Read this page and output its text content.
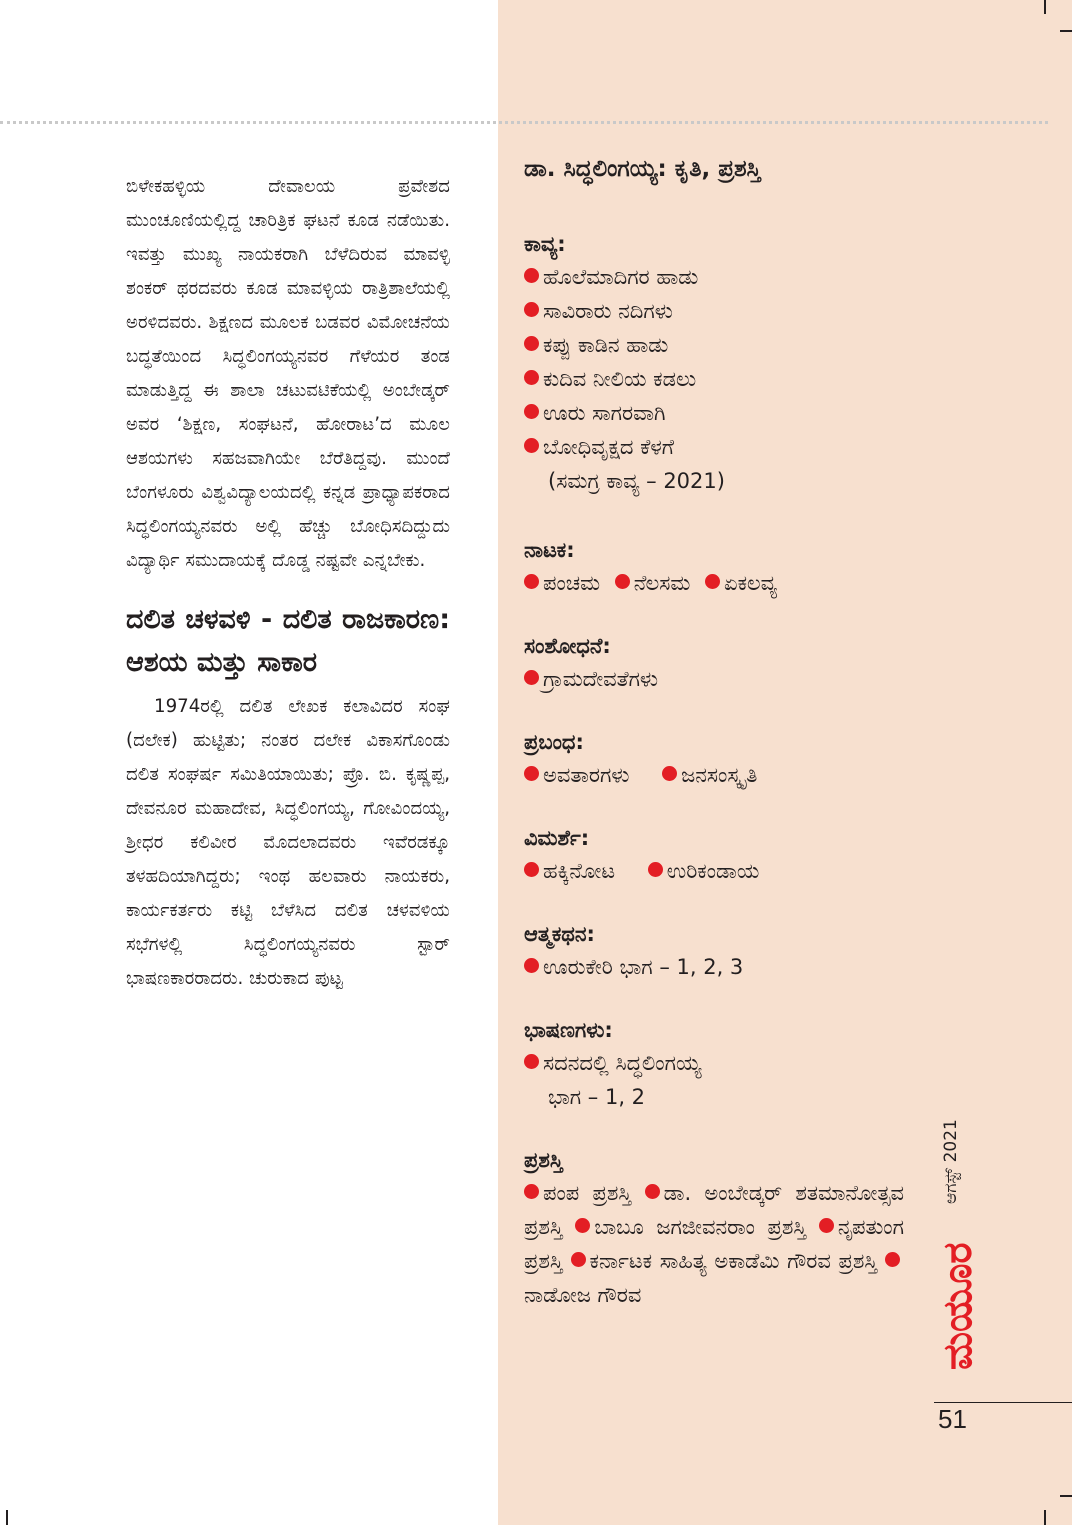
ಬಿಳೇಕಹಳ್ಳಿಯ ದೇವಾಲಯ ಪ್ರವೇಶದ ಮುಂಚೂಣಿಯಲ್ಲಿದ್ದ ಚಾರಿತ್ರಿಕ ಘಟನೆ ಕೂಡ ನಡೆಯಿತು. ಇವತ್ತು ಮುಖ್ಯ ನಾಯಕರಾಗಿ ಬೆಳೆದಿರುವ ಮಾವಳ್ಳಿ ಶಂಕರ್ ಥರದವರು ಕೂಡ ಮಾವಳ್ಳಿಯ ರಾತ್ರಿಶಾಲೆಯಲ್ಲಿ ಅರಳಿದವರು. ಶಿಕ್ಷಣದ ಮೂಲಕ ಬಡವರ ವಿಮೋಚನೆಯ ಬದ್ಧತೆಯಿಂದ ಸಿದ್ಧಲಿಂಗಯ್ಯನವರ ಗೆಳೆಯರ ತಂಡ ಮಾಡುತ್ತಿದ್ದ ಈ ಶಾಲಾ ಚಟುವಟಿಕೆಯಲ್ಲಿ ಅಂಬೇಡ್ಕರ್ ಅವರ ‘ಶಿಕ್ಷಣ, ಸಂಘಟನೆ, ಹೋರಾಟ’ದ ಮೂಲ ಆಶಯಗಳು ಸಹಜವಾಗಿಯೇ ಬೆರೆತಿದ್ದವು. ಮುಂದೆ ಬೆಂಗಳೂರು ವಿಶ್ವವಿದ್ಯಾಲಯದಲ್ಲಿ ಕನ್ನಡ ಪ್ರಾಧ್ಯಾಪಕರಾದ ಸಿದ್ಧಲಿಂಗಯ್ಯನವರು ಅಲ್ಲಿ ಹೆಚ್ಚು ಬೋಧಿಸದಿದ್ದುದು ವಿದ್ಯಾರ್ಥಿ ಸಮುದಾಯಕ್ಕೆ ದೊಡ್ಡ ನಷ್ಟವೇ ಎನ್ನಬೇಕು.

ದಲಿತ ಚಳವಳಿ - ದಲಿತ ರಾಜಕಾರಣ: ಆಶಯ ಮತ್ತು ಸಾಕಾರ

1974ರಲ್ಲಿ ದಲಿತ ಲೇಖಕ ಕಲಾವಿದರ ಸಂಘ (ದಲೇಕ) ಹುಟ್ಟಿತು; ನಂತರ ದಲೇಕ ವಿಕಾಸಗೊಂಡು ದಲಿತ ಸಂಘರ್ಷ ಸಮಿತಿಯಾಯಿತು; ಪ್ರೊ. ಬಿ. ಕೃಷ್ಣಪ್ಪ, ದೇವನೂರ ಮಹಾದೇವ, ಸಿದ್ಧಲಿಂಗಯ್ಯ, ಗೋವಿಂದಯ್ಯ, ಶ್ರೀಧರ ಕಲಿವೀರ ಮೊದಲಾದವರು ಇವೆರಡಕ್ಕೂ ತಳಹದಿಯಾಗಿದ್ದರು; ಇಂಥ ಹಲವಾರು ನಾಯಕರು, ಕಾರ್ಯಕರ್ತರು ಕಟ್ಟಿ ಬೆಳೆಸಿದ ದಲಿತ ಚಳವಳಿಯ ಸಭೆಗಳಲ್ಲಿ ಸಿದ್ಧಲಿಂಗಯ್ಯನವರು ಸ್ಟಾರ್ ಭಾಷಣಕಾರರಾದರು. ಚುರುಕಾದ ಪುಟ್ಟ

ಡಾ. ಸಿದ್ಧಲಿಂಗಯ್ಯ: ಕೃತಿ, ಪ್ರಶಸ್ತಿ
ಕಾವ್ಯ:
ಹೊಲೆಮಾದಿಗರ ಹಾಡು
ಸಾವಿರಾರು ನದಿಗಳು
ಕಪ್ಪು ಕಾಡಿನ ಹಾಡು
ಕುದಿವ ನೀಲಿಯ ಕಡಲು
ಊರು ಸಾಗರವಾಗಿ
ಬೋಧಿವೃಕ್ಷದ ಕೆಳಗೆ
(ಸಮಗ್ರ ಕಾವ್ಯ – 2021)
ನಾಟಕ:
ಪಂಚಮ ನೆಲಸಮ ಏಕಲವ್ಯ
ಸಂಶೋಧನೆ:
ಗ್ರಾಮದೇವತೆಗಳು
ಪ್ರಬಂಧ:
ಅವತಾರಗಳು ಜನಸಂಸ್ಕೃತಿ
ವಿಮರ್ಶೆ:
ಹಕ್ಕಿನೋಟ ಉರಿಕಂಡಾಯ
ಆತ್ಮಕಥನ:
ಊರುಕೇರಿ ಭಾಗ – 1, 2, 3
ಭಾಷಣಗಳು:
ಸದನದಲ್ಲಿ ಸಿದ್ಧಲಿಂಗಯ್ಯ
ಭಾಗ – 1, 2
ಪ್ರಶಸ್ತಿ
ಪಂಪ ಪ್ರಶಸ್ತಿ ಡಾ. ಅಂಬೇಡ್ಕರ್ ಶತಮಾನೋತ್ಸವ ಪ್ರಶಸ್ತಿ ಬಾಬೂ ಜಗಜೀವನರಾಂ ಪ್ರಶಸ್ತಿ ನೃಪತುಂಗ ಪ್ರಶಸ್ತಿ ಕರ್ನಾಟಕ ಸಾಹಿತ್ಯ ಅಕಾಡೆಮಿ ಗೌರವ ಪ್ರಶಸ್ತಿ ನಾಡೋಜ ಗೌರವ
ಆಗಸ್ಟ್ 2021
ಮಯೂರ
51
